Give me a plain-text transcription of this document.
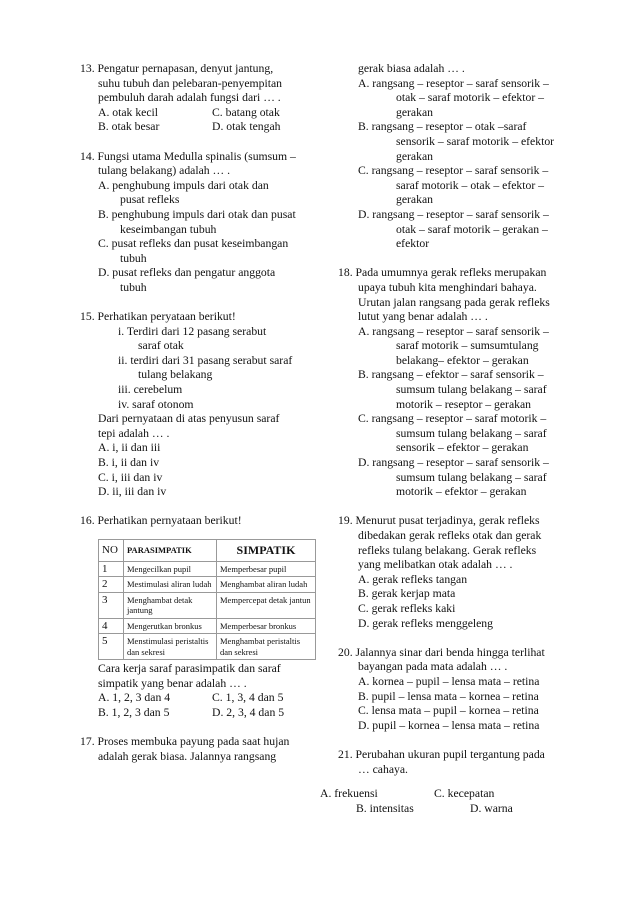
13. Pengatur pernapasan, denyut jantung,
suhu tubuh dan pelebaran-penyempitan
pembuluh darah adalah fungsi dari … .
A. otak kecil	C. batang otak
B. otak besar	D. otak tengah
14. Fungsi utama Medulla spinalis (sumsum –
tulang belakang) adalah … .
A. penghubung impuls dari otak dan
pusat refleks
B. penghubung impuls dari otak dan pusat
keseimbangan tubuh
C. pusat refleks dan pusat keseimbangan
tubuh
D. pusat refleks dan pengatur anggota
tubuh
15. Perhatikan peryataan berikut!
i. Terdiri dari 12 pasang serabut
saraf otak
ii. terdiri dari 31 pasang serabut saraf
tulang belakang
iii. cerebelum
iv. saraf otonom
Dari pernyataan di atas penyusun saraf
tepi adalah … .
A. i, ii dan iii
B. i, ii dan iv
C. i, iii dan iv
D. ii, iii dan iv
16. Perhatikan pernyataan berikut!
NO	PARASIMPATIK	SIMPATIK
1	Mengecilkan pupil	Memperbesar pupil
2	Mestimulasi aliran ludah	Menghambat aliran ludah
3	Menghambat detak jantung	Mempercepat detak jantun
4	Mengerutkan bronkus	Memperbesar bronkus
5	Menstimulasi peristaltis dan sekresi	Menghambat peristaltis dan sekresi
Cara kerja saraf parasimpatik dan saraf
simpatik yang benar adalah … .
A. 1, 2, 3 dan 4	C. 1, 3, 4 dan 5
B. 1, 2, 3 dan 5	D. 2, 3, 4 dan 5
17. Proses membuka payung pada saat hujan
adalah gerak biasa. Jalannya rangsang
gerak biasa adalah … .
A. rangsang – reseptor – saraf sensorik –
otak – saraf motorik – efektor –
gerakan
B. rangsang – reseptor – otak –saraf
sensorik – saraf motorik – efektor
gerakan
C. rangsang – reseptor – saraf sensorik –
saraf motorik – otak – efektor –
gerakan
D. rangsang – reseptor – saraf sensorik –
otak – saraf motorik – gerakan –
efektor
18. Pada umumnya gerak refleks merupakan
upaya tubuh kita menghindari bahaya.
Urutan jalan rangsang pada gerak refleks
lutut yang benar adalah … .
A. rangsang – reseptor – saraf sensorik –
saraf motorik – sumsumtulang
belakang– efektor – gerakan
B. rangsang – efektor – saraf sensorik –
sumsum tulang belakang – saraf
motorik – reseptor – gerakan
C. rangsang – reseptor – saraf motorik –
sumsum tulang belakang – saraf
sensorik – efektor – gerakan
D. rangsang – reseptor – saraf sensorik –
sumsum tulang belakang – saraf
motorik – efektor – gerakan
19. Menurut pusat terjadinya, gerak refleks
dibedakan gerak refleks otak dan gerak
refleks tulang belakang. Gerak refleks
yang melibatkan otak adalah … .
A. gerak refleks tangan
B. gerak kerjap mata
C. gerak refleks kaki
D. gerak refleks menggeleng
20. Jalannya sinar dari benda hingga terlihat
bayangan pada mata adalah … .
A. kornea – pupil – lensa mata – retina
B. pupil – lensa mata – kornea – retina
C. lensa mata – pupil – kornea – retina
D. pupil – kornea – lensa mata – retina
21. Perubahan ukuran pupil tergantung pada
… cahaya.
A. frekuensi	C. kecepatan
B. intensitas	D. warna
